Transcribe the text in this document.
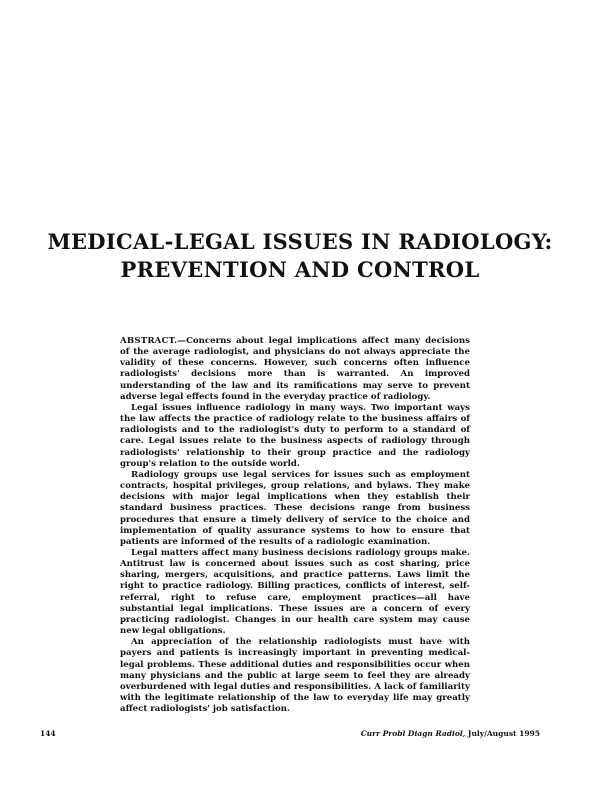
MEDICAL-LEGAL ISSUES IN RADIOLOGY:
PREVENTION AND CONTROL

ABSTRACT.—Concerns about legal implications affect many decisions of the average radiologist, and physicians do not always appreciate the validity of these concerns. However, such concerns often influence radiologists' decisions more than is warranted. An improved understanding of the law and its ramifications may serve to prevent adverse legal effects found in the everyday practice of radiology.

Legal issues influence radiology in many ways. Two important ways the law affects the practice of radiology relate to the business affairs of radiologists and to the radiologist's duty to perform to a standard of care. Legal issues relate to the business aspects of radiology through radiologists' relationship to their group practice and the radiology group's relation to the outside world.

Radiology groups use legal services for issues such as employment contracts, hospital privileges, group relations, and bylaws. They make decisions with major legal implications when they establish their standard business practices. These decisions range from business procedures that ensure a timely delivery of service to the choice and implementation of quality assurance systems to how to ensure that patients are informed of the results of a radiologic examination.

Legal matters affect many business decisions radiology groups make. Antitrust law is concerned about issues such as cost sharing, price sharing, mergers, acquisitions, and practice patterns. Laws limit the right to practice radiology. Billing practices, conflicts of interest, self-referral, right to refuse care, employment practices—all have substantial legal implications. These issues are a concern of every practicing radiologist. Changes in our health care system may cause new legal obligations.

An appreciation of the relationship radiologists must have with payers and patients is increasingly important in preventing medical-legal problems. These additional duties and responsibilities occur when many physicians and the public at large seem to feel they are already overburdened with legal duties and responsibilities. A lack of familiarity with the legitimate relationship of the law to everyday life may greatly affect radiologists' job satisfaction.

144	Curr Probl Diagn Radiol, July/August 1995
